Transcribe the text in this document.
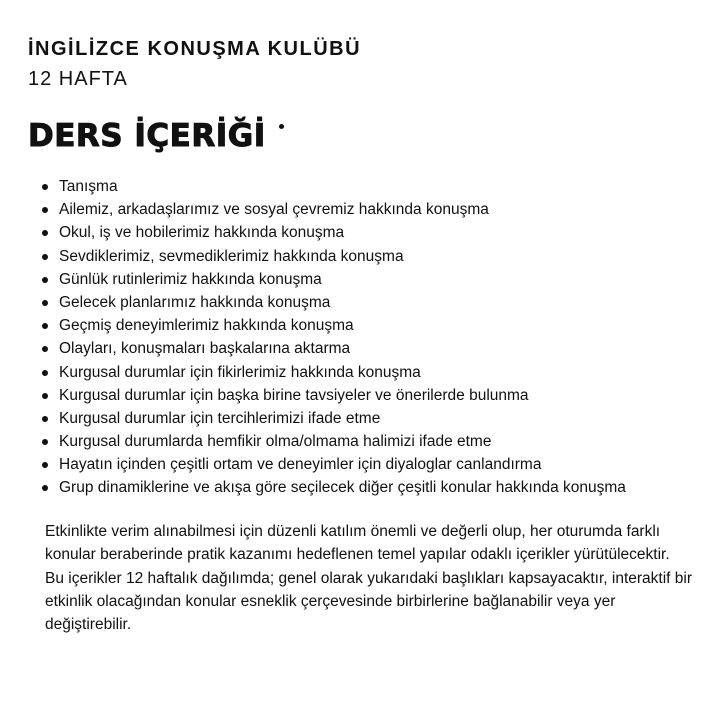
İNGİLİZCE KONUŞMA KULÜBÜ
12 HAFTA
DERS İÇERİĞİ
Tanışma
Ailemiz, arkadaşlarımız ve sosyal çevremiz hakkında konuşma
Okul, iş ve hobilerimiz hakkında konuşma
Sevdiklerimiz, sevmediklerimiz hakkında konuşma
Günlük rutinlerimiz hakkında konuşma
Gelecek planlarımız hakkında konuşma
Geçmiş deneyimlerimiz hakkında konuşma
Olayları, konuşmaları başkalarına aktarma
Kurgusal durumlar için fikirlerimiz hakkında konuşma
Kurgusal durumlar için başka birine tavsiyeler ve önerilerde bulunma
Kurgusal durumlar için tercihlerimizi ifade etme
Kurgusal durumlarda hemfikir olma/olmama halimizi ifade etme
Hayatın içinden çeşitli ortam ve deneyimler için diyaloglar canlandırma
Grup dinamiklerine ve akışa göre seçilecek diğer çeşitli konular hakkında konuşma

Etkinlikte verim alınabilmesi için düzenli katılım önemli ve değerli olup, her oturumda farklı konular beraberinde pratik kazanımı hedeflenen temel yapılar odaklı içerikler yürütülecektir.

Bu içerikler 12 haftalık dağılımda; genel olarak yukarıdaki başlıkları kapsayacaktır, interaktif bir etkinlik olacağından konular esneklik çerçevesinde birbirlerine bağlanabilir veya yer değiştirebilir.
